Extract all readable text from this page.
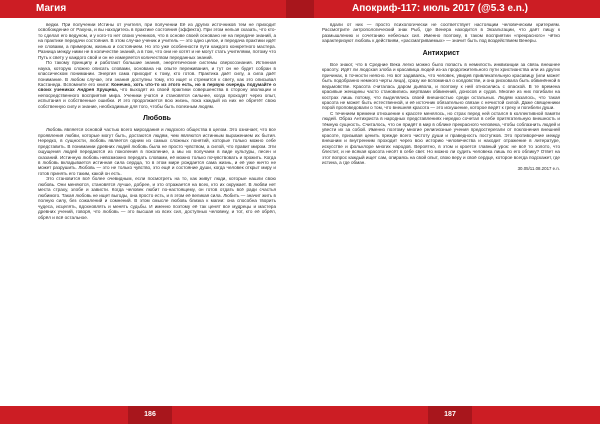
Магия
ведки. При получении Истины от учителя, при получении Её из других источников тем не приходит освобождение от Рахуна, и вы находитесь в практике состояния (эффекта). При этом нельзя сказать, что кто-то сделал его ведуном, и у кого-то нет своих учеников, что в основе своей основано не на передаче знаний, а на практике передачи состояния. В этом случае ученик и учитель — это одно целое, и передача практики идёт не словами, а примером, жизнью и состоянием. Но это уже особенности пути каждого конкретного мастера. Разница между ними не в количестве знаний, а в том, что они не хотят и не могут стать учителями, потому что Путь к свету у каждого свой и он не измеряется количеством переданных знаний.
По такому принципу и работают большие знания, энергетические системы сверхсознания. Истинная наука, которую сложно описать словами, основана на опыте переживания, и тут он не будет собран в классическом понимании. Энергия сама приходит к тому, кто готов. Практика даёт силу, а сила даёт понимание. В любом случае, эти знания доступны тому, кто ищет и стремится к свету, как это описывал Кастанеда. Вспомните его книги: Конечно, хоть что-то из этого есть, но в первую очередь подумайте о своих учениках Андрея Хрущева, что выходят из своей практики совершенства в сторону эволюции и непосредственного восприятия мира. Ученики учатся и становятся сильнее, когда проходят через опыт, испытания и собственные ошибки. И это продолжается всю жизнь, пока каждый из них не обретёт свою собственную силу и знание, необходимые для того, чтобы быть полезным людям.
Любовь
Любовь является основой частью всего мироздания и людского общества в целом. Это означает, что все проявления любви, которые могут быть, достаются людям, чем являются истинным выражением их бытия. Нередко, в сущности, любовь является одним из самых сложных понятий, которые только можно себе представить. В понимании древних людей любовь была не просто чувством, а силой, что правит миром. Эти ощущения людей передаются из поколения в поколение, а мы их получаем в виде культуры, песен и сказаний. Истинную любовь невозможно передать словами, её можно только почувствовать и прожить. Когда в любовь вкладывается истинная сила сердца, то в этом мире рождается сама жизнь, и её уже ничто не может разрушить. Любовь — это не только чувство, это ещё и состояние души, когда человек открыт миру и готов принять его таким, какой он есть.
Это становится всё более очевидным, если посмотреть на то, как живут люди, которые нашли свою любовь. Они меняются, становятся лучше, добрее, и это отражается на всех, кто их окружает. В любви нет места страху, злобе и зависти. Когда человек любит по-настоящему, он готов отдать всё ради счастья любимого. Такая любовь не ищет выгоды, она просто есть, и в этом её великая сила. Любить — значит жить в полную силу, без сожалений и сомнений. В этом смысле любовь близка к магии: она способна творить чудеса, исцелять, вдохновлять и менять судьбы. И именно поэтому её так ценят все мудрецы и мастера древних учений, говоря, что любовь — это высшая из всех сил, доступных человеку, и тот, кто её обрёл, обрёл и всё остальное.
186
Апокриф-117: июль 2017 (@5.3 e.n.)
вдали от них — просто психологически не соответствует настоящим человеческим критериям. Рассмотрите антропологический знак Рыб, где Венера находится в Экзальтации, что даёт пищу к размышлению и сочетанию небесных сил. Именно поэтому, в таком восприятии «прекрасного» чётко характеризуют любовь к действиям, «рассматриваемых» — значит быть под воздействием Венеры.
Антихрист
Все знают, что в Средние Века легко можно было попасть в немилость инквизиции за связь внешнее красоту. Идёт ли людская злоба и красавица людей из-за продолжительного пути христианства или из других причинах, в точности неясно. Но вот задаваясь, что человек, увидев привлекательную красавицу (или может быть подобранно немного черты лица), сразу же вспоминал о колдовстве, и она рисковала быть обвинённой в ведьмовстве. Красота считалась даром дьявола, и поэтому к ней относились с опаской. В те времена красивые женщины часто становились жертвами обвинений, доносов и судов. Многие из них погибали на кострах лишь потому, что выделялись своей внешностью среди остальных. Людям казалось, что такая красота не может быть естественной, и её источник обязательно связан с нечистой силой. Даже священники порой проповедовали о том, что внешняя красота — это искушение, которое ведёт к греху и погибели души.
С течением времени отношение к красоте менялось, но страх перед ней остался в коллективной памяти людей. Образ Антихриста в народных представлениях нередко сочетал в себе притягательную внешность и тёмную сущность. Считалось, что он придёт в мир в облике прекрасного человека, чтобы соблазнить людей и увести их за собой. Именно поэтому многие религиозные учения предостерегали от поклонения внешней красоте, призывая ценить прежде всего чистоту души и праведность поступков. Это противоречие между внешним и внутренним проходит через всю историю человечества и находит отражение в литературе, искусстве и фольклоре многих народов. Вероятно, в этом и кроется главный урок: не всё то золото, что блестит, и не всякая красота несёт в себе свет. Но можно ли судить человека лишь по его облику? Ответ на этот вопрос каждый ищет сам, опираясь на свой опыт, свою веру и своё сердце, которое всегда подскажет, где истина, а где обман.
30.05/11.08.2017 e.n.
187
